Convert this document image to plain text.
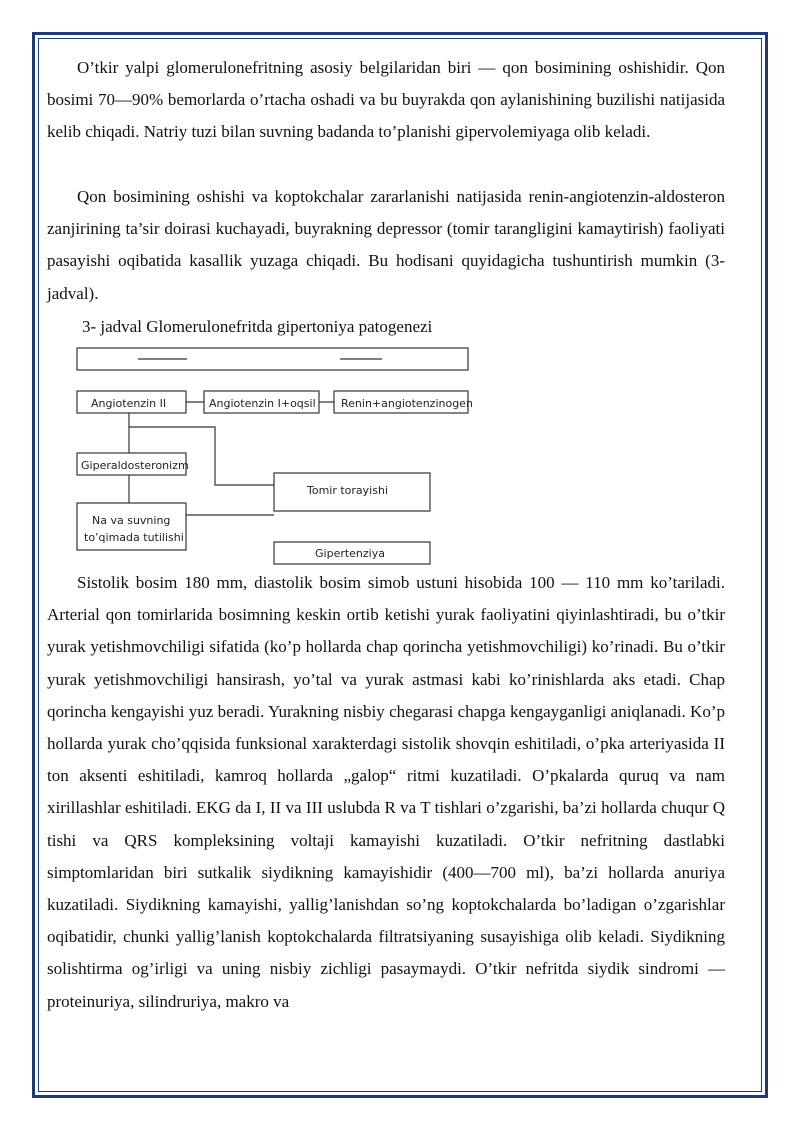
O’tkir yalpi glomerulonefritning asosiy belgilaridan biri — qon bosimining oshishidir. Qon bosimi 70—90% bemorlarda o’rtacha oshadi va bu buyrakda qon aylanishining buzilishi natijasida kelib chiqadi. Natriy tuzi bilan suvning badanda to’planishi gipervolemiyaga olib keladi.

Qon bosimining oshishi va koptokchalar zararlanishi natijasida renin-angiotenzin-aldosteron zanjirining ta’sir doirasi kuchayadi, buyrakning depressor (tomir tarangligini kamaytirish) faoliyati pasayishi oqibatida kasallik yuzaga chiqadi. Bu hodisani quyidagicha tushuntirish mumkin (3- jadval).

3- jadval Glomerulonefritda gipertoniya patogenezi

Angiotenzin II	Angiotenzin I+oqsil Renin+angiotenzinogen
Giperaldosteronizm
Na va suvning
to’qimada tutilishi
Tomir torayishi
Gipertenziya

Sistolik bosim 180 mm, diastolik bosim simob ustuni hisobida 100 — 110 mm ko’tariladi. Arterial qon tomirlarida bosimning keskin ortib ketishi yurak faoliyatini qiyinlashtiradi, bu o’tkir yurak yetishmovchiligi sifatida (ko’p hollarda chap qorincha yetishmovchiligi) ko’rinadi. Bu o’tkir yurak yetishmovchiligi hansirash, yo’tal va yurak astmasi kabi ko’rinishlarda aks etadi. Chap qorincha kengayishi yuz beradi. Yurakning nisbiy chegarasi chapga kengayganligi aniqlanadi. Ko’p hollarda yurak cho’qqisida funksional xarakterdagi sistolik shovqin eshitiladi, o’pka arteriyasida II ton aksenti eshitiladi, kamroq hollarda „galop“ ritmi kuzatiladi. O’pkalarda quruq va nam xirillashlar eshitiladi. EKG da I, II va III uslubda R va T tishlari o’zgarishi, ba’zi hollarda chuqur Q tishi va QRS kompleksining voltaji kamayishi kuzatiladi. O’tkir nefritning dastlabki simptomlaridan biri sutkalik siydikning kamayishidir (400—700 ml), ba’zi hollarda anuriya kuzatiladi. Siydikning kamayishi, yallig’lanishdan so’ng koptokchalarda bo’ladigan o’zgarishlar oqibatidir, chunki yallig’lanish koptokchalarda filtratsiyaning susayishiga olib keladi. Siydikning solishtirma og’irligi va uning nisbiy zichligi pasaymaydi. O’tkir nefritda siydik sindromi — proteinuriya, silindruriya, makro va
